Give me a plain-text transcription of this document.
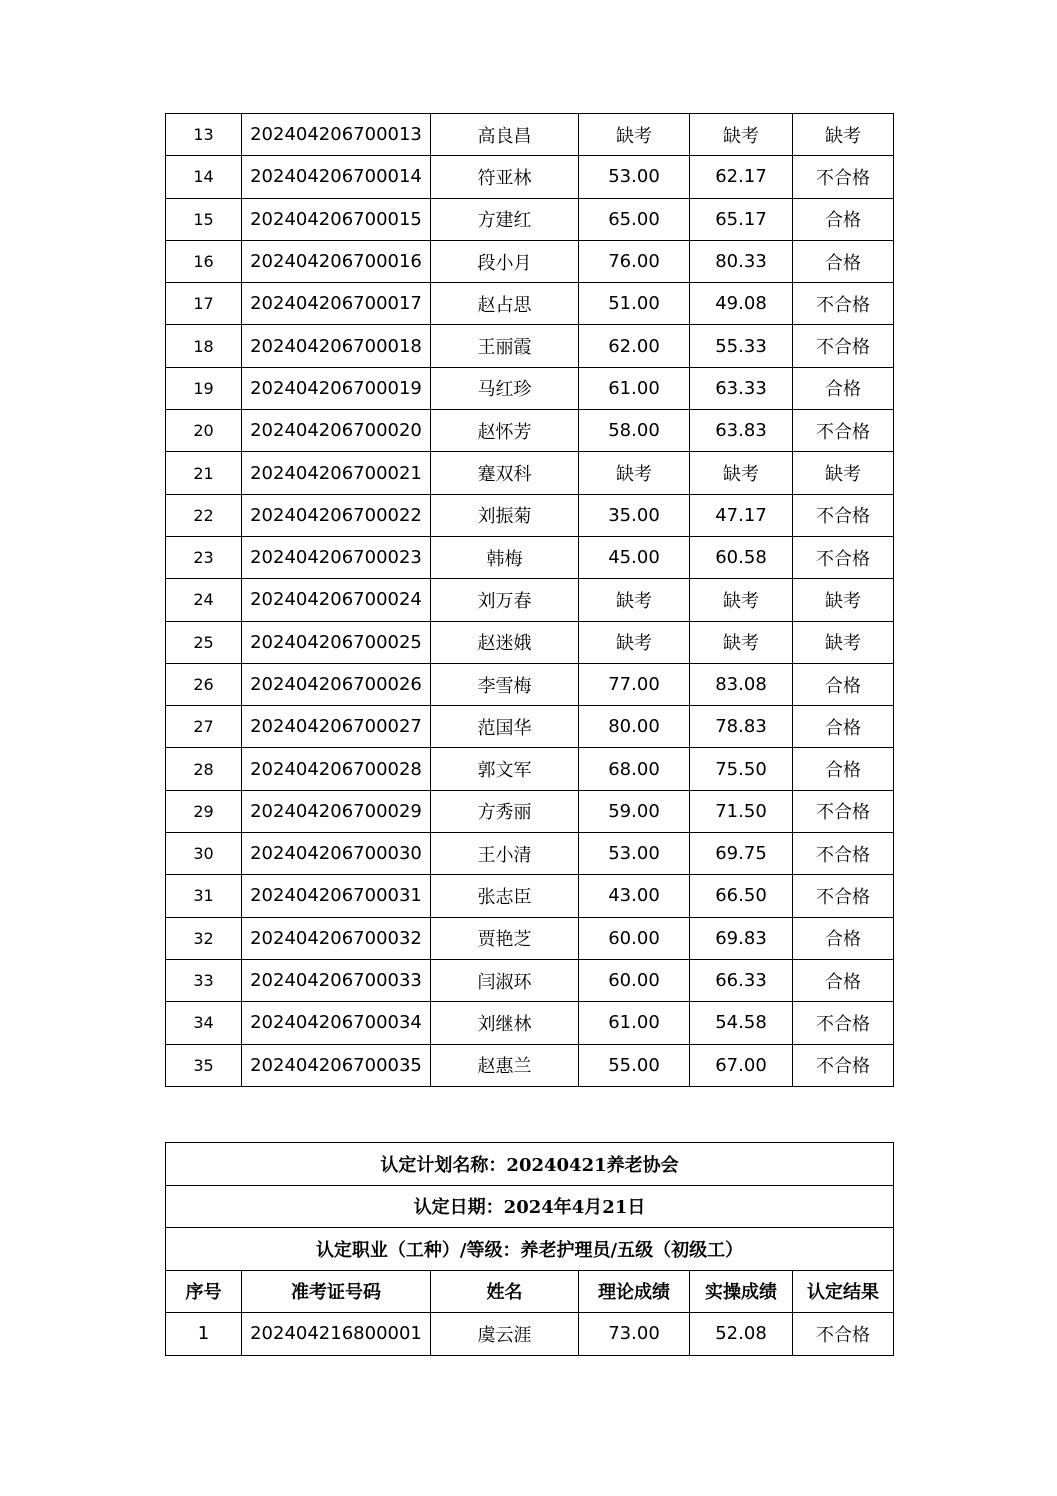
13	202404206700013	高良昌	缺考	缺考	缺考
14	202404206700014	符亚林	53.00	62.17	不合格
15	202404206700015	方建红	65.00	65.17	合格
16	202404206700016	段小月	76.00	80.33	合格
17	202404206700017	赵占思	51.00	49.08	不合格
18	202404206700018	王丽霞	62.00	55.33	不合格
19	202404206700019	马红珍	61.00	63.33	合格
20	202404206700020	赵怀芳	58.00	63.83	不合格
21	202404206700021	蹇双科	缺考	缺考	缺考
22	202404206700022	刘振菊	35.00	47.17	不合格
23	202404206700023	韩梅	45.00	60.58	不合格
24	202404206700024	刘万春	缺考	缺考	缺考
25	202404206700025	赵迷娥	缺考	缺考	缺考
26	202404206700026	李雪梅	77.00	83.08	合格
27	202404206700027	范国华	80.00	78.83	合格
28	202404206700028	郭文军	68.00	75.50	合格
29	202404206700029	方秀丽	59.00	71.50	不合格
30	202404206700030	王小清	53.00	69.75	不合格
31	202404206700031	张志臣	43.00	66.50	不合格
32	202404206700032	贾艳芝	60.00	69.83	合格
33	202404206700033	闫淑环	60.00	66.33	合格
34	202404206700034	刘继林	61.00	54.58	不合格
35	202404206700035	赵惠兰	55.00	67.00	不合格
认定计划名称：20240421养老协会					
认定日期：2024年4月21日					
认定职业（工种）/等级：养老护理员/五级（初级工）					
序号	准考证号码	姓名	理论成绩	实操成绩	认定结果
1	202404216800001	虞云涯	73.00	52.08	不合格
